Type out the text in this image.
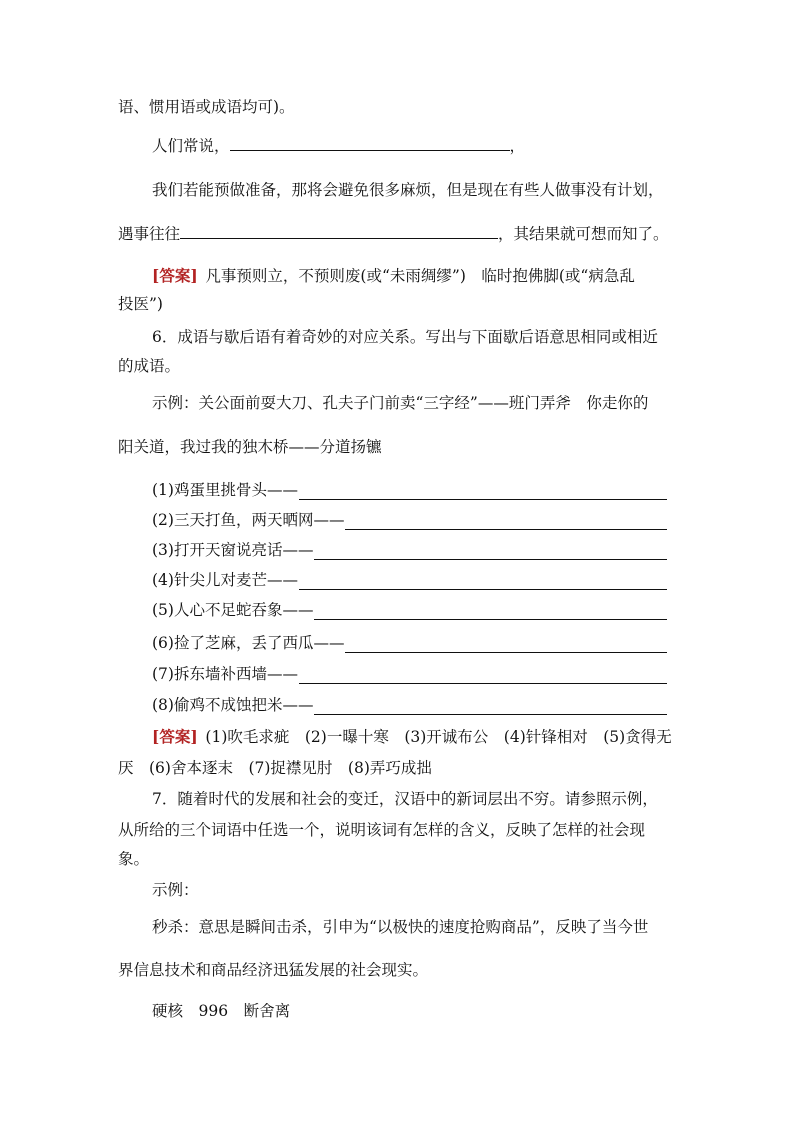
语、惯用语或成语均可)。
人们常说，	，
我们若能预做准备，那将会避免很多麻烦，但是现在有些人做事没有计划，
遇事往往	，其结果就可想而知了。
[答案]  凡事预则立，不预则废(或“未雨绸缪”)　临时抱佛脚(或“病急乱
投医”)
6．成语与歇后语有着奇妙的对应关系。写出与下面歇后语意思相同或相近
的成语。
示例：关公面前耍大刀、孔夫子门前卖“三字经”——班门弄斧　你走你的
阳关道，我过我的独木桥——分道扬镳
(1)鸡蛋里挑骨头——
(2)三天打鱼，两天晒网——
(3)打开天窗说亮话——
(4)针尖儿对麦芒——
(5)人心不足蛇吞象——
(6)捡了芝麻，丢了西瓜——
(7)拆东墙补西墙——
(8)偷鸡不成蚀把米——
[答案]  (1)吹毛求疵　(2)一曝十寒　(3)开诚布公　(4)针锋相对　(5)贪得无
厌　(6)舍本逐末　(7)捉襟见肘　(8)弄巧成拙
7．随着时代的发展和社会的变迁，汉语中的新词层出不穷。请参照示例，
从所给的三个词语中任选一个，说明该词有怎样的含义，反映了怎样的社会现
象。
示例：
秒杀：意思是瞬间击杀，引申为“以极快的速度抢购商品”，反映了当今世
界信息技术和商品经济迅猛发展的社会现实。
硬核　996　断舍离
